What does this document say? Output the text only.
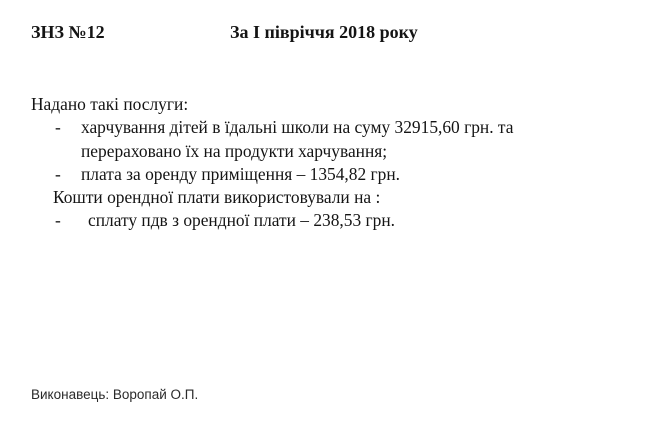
ЗНЗ №12	За І півріччя 2018 року
Надано такі послуги:
- харчування дітей в їдальні школи на суму 32915,60 грн. та
перераховано їх на продукти харчування;
- плата за оренду приміщення – 1354,82 грн.
Кошти орендної плати використовували на :
- сплату пдв з орендної плати – 238,53 грн.
Виконавець: Воропай О.П.
